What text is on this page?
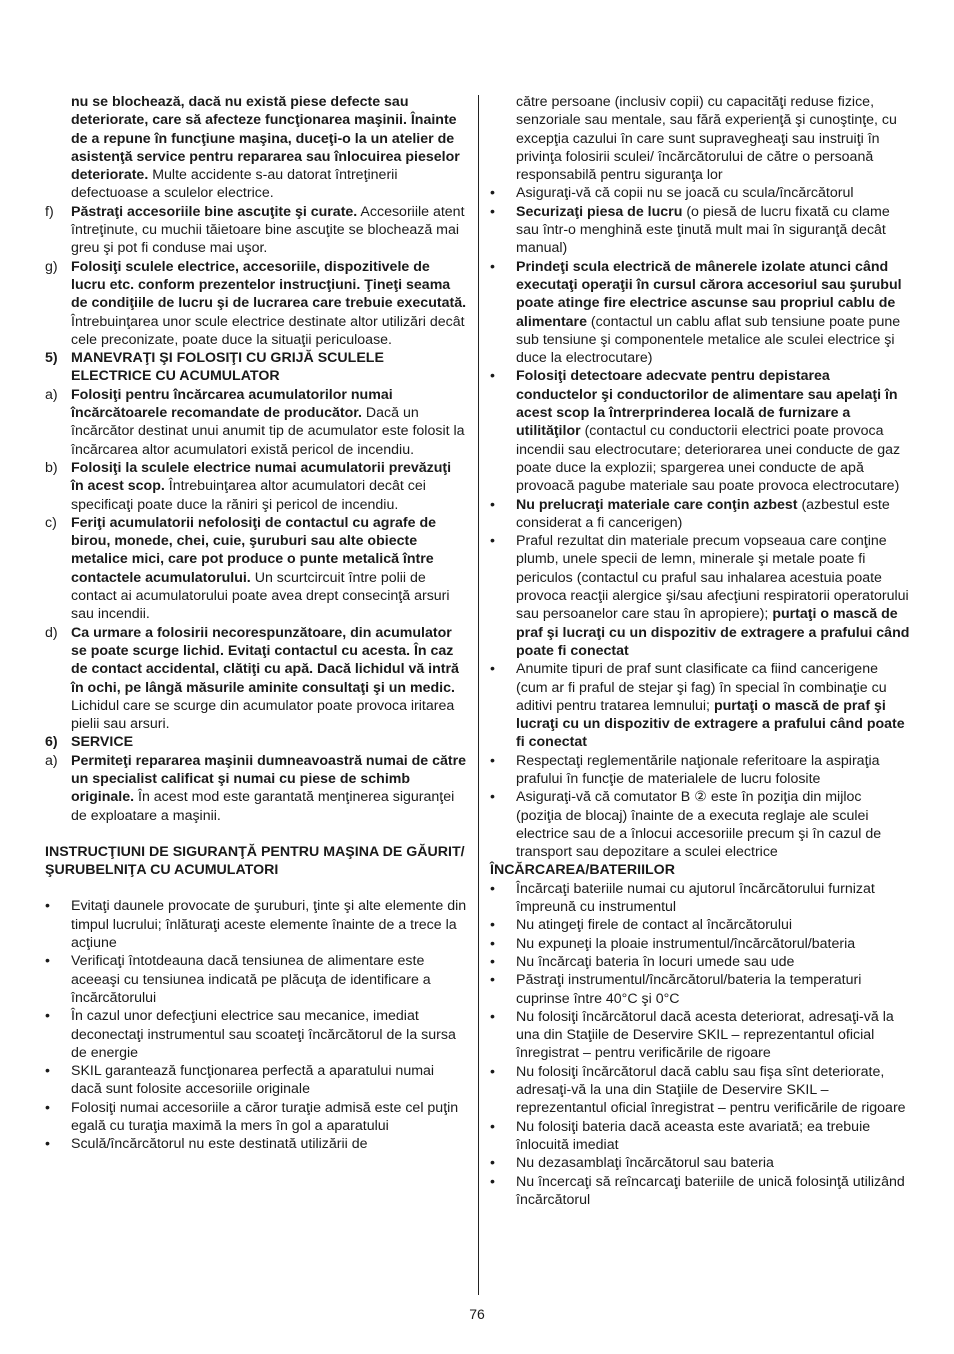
nu se blochează, dacă nu există piese defecte sau deteriorate, care să afecteze funcţionarea maşinii. Înainte de a repune în funcţiune maşina, duceţi-o la un atelier de asistenţă service pentru repararea sau înlocuirea pieselor deteriorate. Multe accidente s-au datorat întreţinerii defectuoase a sculelor electrice.

f) Păstraţi accesoriile bine ascuţite şi curate. Accesoriile atent întreţinute, cu muchii tăietoare bine ascuţite se blochează mai greu şi pot fi conduse mai uşor.
g) Folosiţi sculele electrice, accesoriile, dispozitivele de lucru etc. conform prezentelor instrucţiuni. Ţineţi seama de condiţiile de lucru şi de lucrarea care trebuie executată. Întrebuinţarea unor scule electrice destinate altor utilizări decât cele preconizate, poate duce la situaţii periculoase.
5) MANEVRAŢI ŞI FOLOSIŢI CU GRIJĂ SCULELE ELECTRICE CU ACUMULATOR
a) Folosiţi pentru încărcarea acumulatorilor numai încărcătoarele recomandate de producător. Dacă un încărcător destinat unui anumit tip de acumulator este folosit la încărcarea altor acumulatori există pericol de incendiu.
b) Folosiţi la sculele electrice numai acumulatorii prevăzuţi în acest scop. Întrebuinţarea altor acumulatori decât cei specificaţi poate duce la răniri şi pericol de incendiu.
c) Feriţi acumulatorii nefolosiţi de contactul cu agrafe de birou, monede, chei, cuie, şuruburi sau alte obiecte metalice mici, care pot produce o punte metalică între contactele acumulatorului. Un scurtcircuit între polii de contact ai acumulatorului poate avea drept consecinţă arsuri sau incendii.
d) Ca urmare a folosirii necorespunzătoare, din acumulator se poate scurge lichid. Evitaţi contactul cu acesta. În caz de contact accidental, clătiţi cu apă. Dacă lichidul vă intră în ochi, pe lângă măsurile aminite consultaţi şi un medic. Lichidul care se scurge din acumulator poate provoca iritarea pielii sau arsuri.
6) SERVICE
a) Permiteţi repararea maşinii dumneavoastră numai de către un specialist calificat şi numai cu piese de schimb originale. În acest mod este garantată menţinerea siguranţei de exploatare a maşinii.

INSTRUCŢIUNI DE SIGURANŢĂ PENTRU MAŞINA DE GĂURIT/ŞURUBELNIŢA CU ACUMULATORI

• Evitaţi daunele provocate de şuruburi, ţinte şi alte elemente din timpul lucrului; înlăturaţi aceste elemente înainte de a trece la acţiune
• Verificaţi întotdeauna dacă tensiunea de alimentare este aceeaşi cu tensiunea indicată pe plăcuţa de identificare a încărcătorului
• În cazul unor defecţiuni electrice sau mecanice, imediat deconectaţi instrumentul sau scoateţi încărcătorul de la sursa de energie
• SKIL garantează funcţionarea perfectă a aparatului numai dacă sunt folosite accesoriile originale
• Folosiţi numai accesoriile a căror turaţie admisă este cel puţin egală cu turaţia maximă la mers în gol a aparatului
• Sculă/încărcătorul nu este destinată utilizării de

către persoane (inclusiv copii) cu capacităţi reduse fizice, senzoriale sau mentale, sau fără experienţă şi cunoştinţe, cu excepţia cazului în care sunt supravegheaţi sau instruiţi în privinţa folosirii sculei/ încărcătorului de către o persoană responsabilă pentru siguranţa lor

• Asiguraţi-vă că copii nu se joacă cu scula/încărcătorul
• Securizaţi piesa de lucru (o piesă de lucru fixată cu clame sau într-o menghină este ţinută mult mai în siguranţă decât manual)
• Prindeţi scula electrică de mânerele izolate atunci când executaţi operaţii în cursul cărora accesoriul sau şurubul poate atinge fire electrice ascunse sau propriul cablu de alimentare (contactul un cablu aflat sub tensiune poate pune sub tensiune şi componentele metalice ale sculei electrice şi duce la electrocutare)
• Folosiţi detectoare adecvate pentru depistarea conductelor şi conductorilor de alimentare sau apelaţi în acest scop la întrerprinderea locală de furnizare a utilităţilor (contactul cu conductorii electrici poate provoca incendii sau electrocutare; deteriorarea unei conducte de gaz poate duce la explozii; spargerea unei conducte de apă provoacă pagube materiale sau poate provoca electrocutare)
• Nu prelucraţi materiale care conţin azbest (azbestul este considerat a fi cancerigen)
• Praful rezultat din materiale precum vopseaua care conţine plumb, unele specii de lemn, minerale şi metale poate fi periculos (contactul cu praful sau inhalarea acestuia poate provoca reacţii alergice şi/sau afecţiuni respiratorii operatorului sau persoanelor care stau în apropiere); purtaţi o mască de praf şi lucraţi cu un dispozitiv de extragere a prafului când poate fi conectat
• Anumite tipuri de praf sunt clasificate ca fiind cancerigene (cum ar fi praful de stejar şi fag) în special în combinaţie cu aditivi pentru tratarea lemnului; purtaţi o mască de praf şi lucraţi cu un dispozitiv de extragere a prafului când poate fi conectat
• Respectaţi reglementările naţionale referitoare la aspiraţia prafului în funcţie de materialele de lucru folosite
• Asiguraţi-vă că comutator B ② este în poziţia din mijloc (poziţia de blocaj) înainte de a executa reglaje ale sculei electrice sau de a înlocui accesoriile precum şi în cazul de transport sau depozitare a sculei electrice

ÎNCĂRCAREA/BATERIILOR

• Încărcaţi bateriile numai cu ajutorul încărcătorului furnizat împreună cu instrumentul
• Nu atingeţi firele de contact al încărcătorului
• Nu expuneţi la ploaie instrumentul/încărcătorul/bateria
• Nu încărcaţi bateria în locuri umede sau ude
• Păstraţi instrumentul/încărcătorul/bateria la temperaturi cuprinse între 40°C şi 0°C
• Nu folosiţi încărcătorul dacă acesta deteriorat, adresaţi-vă la una din Staţiile de Deservire SKIL – reprezentantul oficial înregistrat – pentru verificările de rigoare
• Nu folosiţi încărcătorul dacă cablu sau fişa sînt deteriorate, adresaţi-vă la una din Staţiile de Deservire SKIL – reprezentantul oficial înregistrat – pentru verificările de rigoare
• Nu folosiţi bateria dacă aceasta este avariată; ea trebuie înlocuită imediat
• Nu dezasamblaţi încărcătorul sau bateria
• Nu încercaţi să reîncarcaţi bateriile de unică folosinţă utilizând încărcătorul
76
